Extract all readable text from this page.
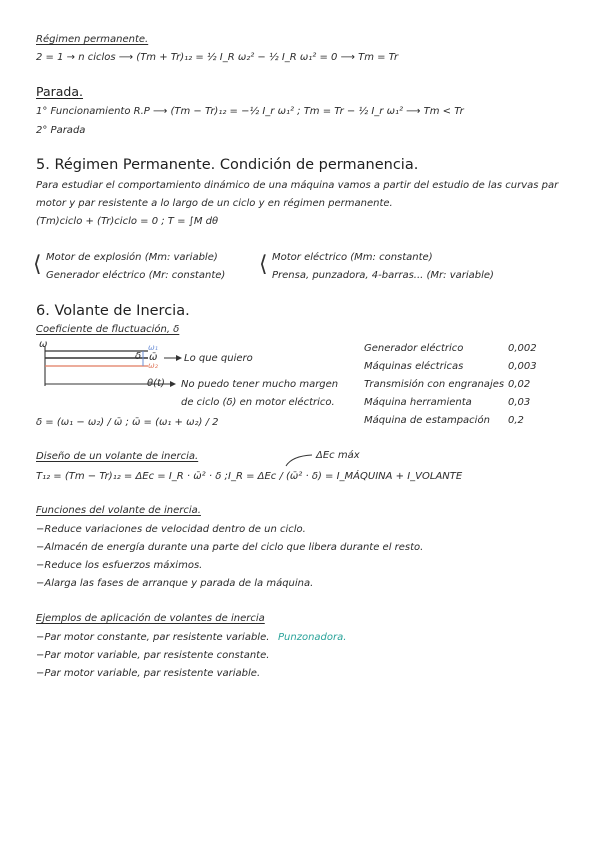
Régimen permanente.
2 = 1 → n ciclos ⟶ (Tm + Tr)₁₂ = ½ I_R ω₂² − ½ I_R ω₁² = 0 ⟶ Tm = Tr
Parada.
1° Funcionamiento R.P ⟶ (Tm − Tr)₁₂ = −½ I_r ω₁² ; Tm = Tr − ½ I_r ω₁² ⟶ Tm < Tr
2° Parada
5. Régimen Permanente. Condición de permanencia.
Para estudiar el comportamiento dinámico de una máquina vamos a partir del estudio de las curvas par
motor y par resistente a lo largo de un ciclo y en régimen permanente.
(Tm)ciclo + (Tr)ciclo = 0 ; T = ∫M dθ
⟨ Motor de explosión (Mm: variable)
Generador eléctrico (Mr: constante) ⟨ Motor eléctrico (Mm: constante)
Prensa, punzadora, 4-barras... (Mr: variable)
6. Volante de Inercia.
Coeficiente de fluctuación, δ
ω
δ
ω₁
ω̄
ω₂
θ(t)
Lo que quiero
No puedo tener mucho margen
de ciclo (δ) en motor eléctrico.
δ = (ω₁ − ω₂) / ω̄ ; ω̄ = (ω₁ + ω₂) / 2
Generador eléctrico	0,002
Máquinas eléctricas	0,003
Transmisión con engranajes 0,02
Máquina herramienta	0,03
Máquina de estampación 0,2
Diseño de un volante de inercia.	ΔEc máx
T₁₂ = (Tm − Tr)₁₂ = ΔEc = I_R · ω̄² · δ ; I_R = ΔEc / (ω̄² · δ) = I_MÁQUINA + I_VOLANTE
Funciones del volante de inercia.
−Reduce variaciones de velocidad dentro de un ciclo.
−Almacén de energía durante una parte del ciclo que libera durante el resto.
−Reduce los esfuerzos máximos.
−Alarga las fases de arranque y parada de la máquina.
Ejemplos de aplicación de volantes de inercia
−Par motor constante, par resistente variable. Punzonadora.
−Par motor variable, par resistente constante.
−Par motor variable, par resistente variable.
